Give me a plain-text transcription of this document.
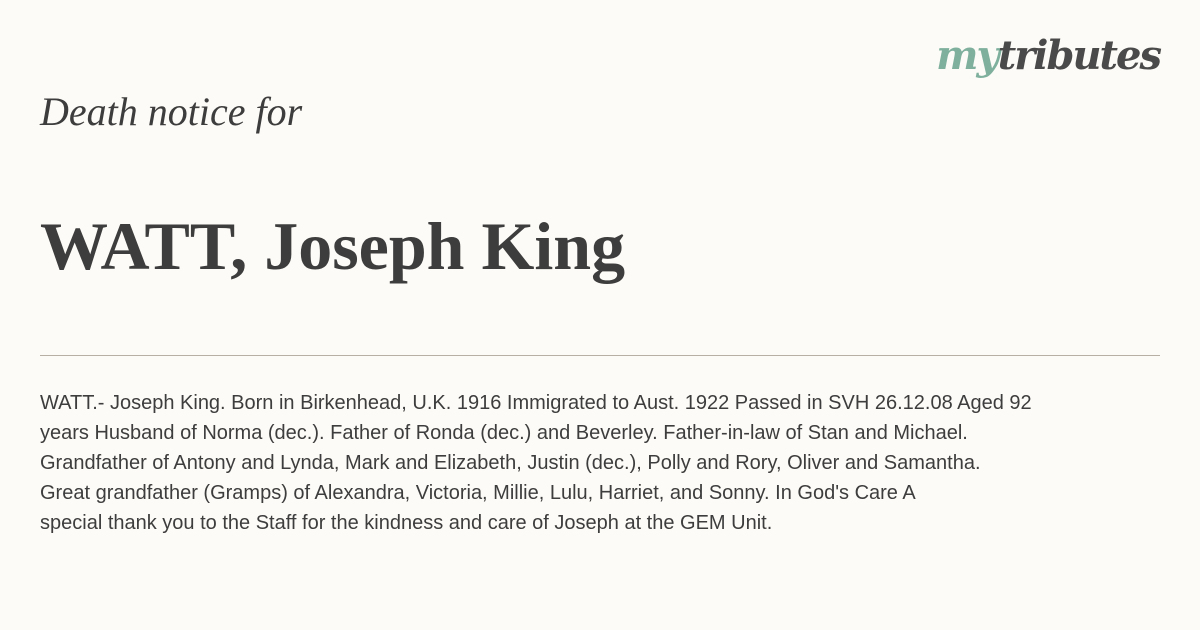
mytributes
Death notice for
WATT, Joseph King

WATT.- Joseph King. Born in Birkenhead, U.K. 1916 Immigrated to Aust. 1922 Passed in SVH 26.12.08 Aged 92
years Husband of Norma (dec.). Father of Ronda (dec.) and Beverley. Father-in-law of Stan and Michael.
Grandfather of Antony and Lynda, Mark and Elizabeth, Justin (dec.), Polly and Rory, Oliver and Samantha.
Great grandfather (Gramps) of Alexandra, Victoria, Millie, Lulu, Harriet, and Sonny. In God's Care A
special thank you to the Staff for the kindness and care of Joseph at the GEM Unit.
